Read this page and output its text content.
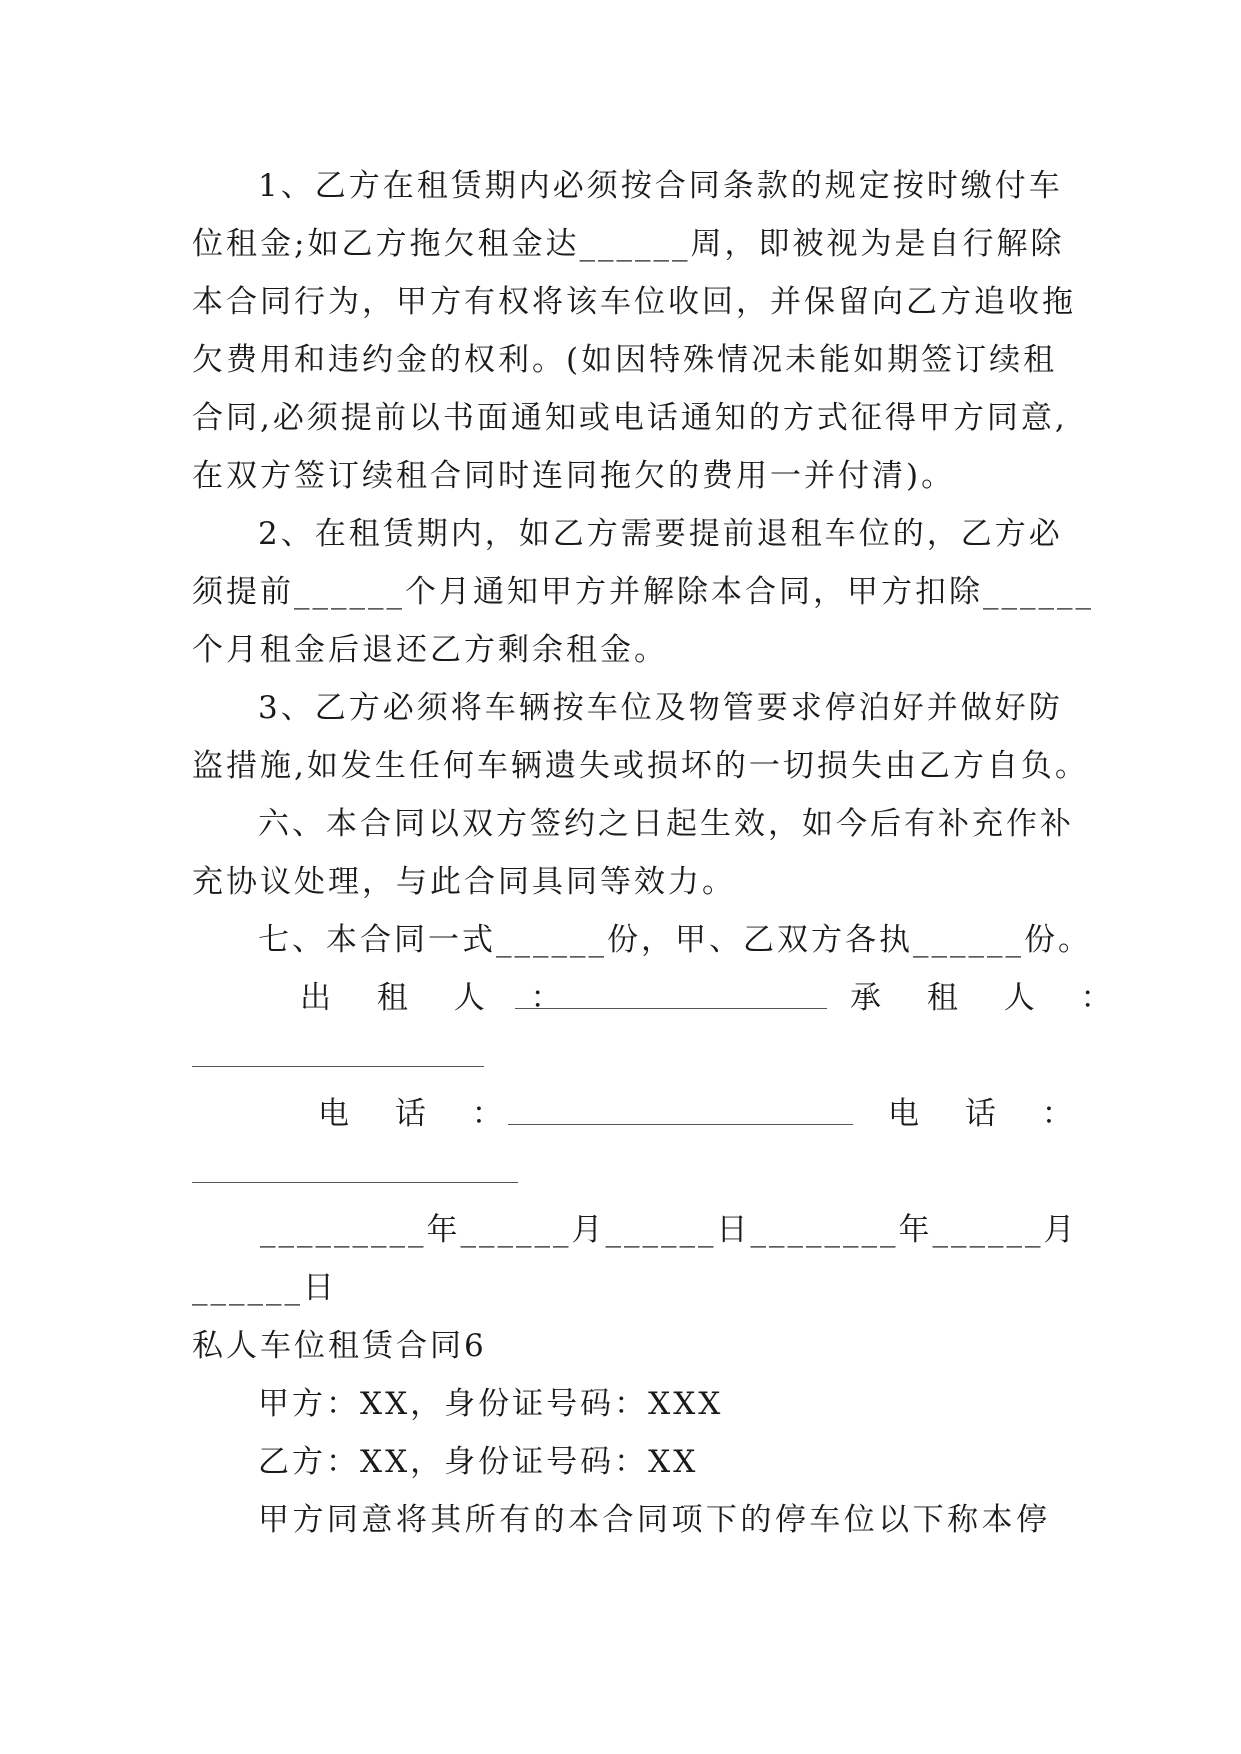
1、乙方在租赁期内必须按合同条款的规定按时缴付车
位租金;如乙方拖欠租金达______周，即被视为是自行解除
本合同行为，甲方有权将该车位收回，并保留向乙方追收拖
欠费用和违约金的权利。(如因特殊情况未能如期签订续租
合同,必须提前以书面通知或电话通知的方式征得甲方同意,
在双方签订续租合同时连同拖欠的费用一并付清)。
2、在租赁期内，如乙方需要提前退租车位的，乙方必
须提前______个月通知甲方并解除本合同，甲方扣除______
个月租金后退还乙方剩余租金。
3、乙方必须将车辆按车位及物管要求停泊好并做好防
盗措施,如发生任何车辆遗失或损坏的一切损失由乙方自负。
六、本合同以双方签约之日起生效，如今后有补充作补
充协议处理，与此合同具同等效力。
七、本合同一式______份，甲、乙双方各执______份。
出 租 人 ：	承 租 人 ：
电 话 ：	电 话 ：
_________年______月______日________年______月
______日
私人车位租赁合同6
甲方：XX，身份证号码：XXX
乙方：XX，身份证号码：XX
甲方同意将其所有的本合同项下的停车位以下称本停
